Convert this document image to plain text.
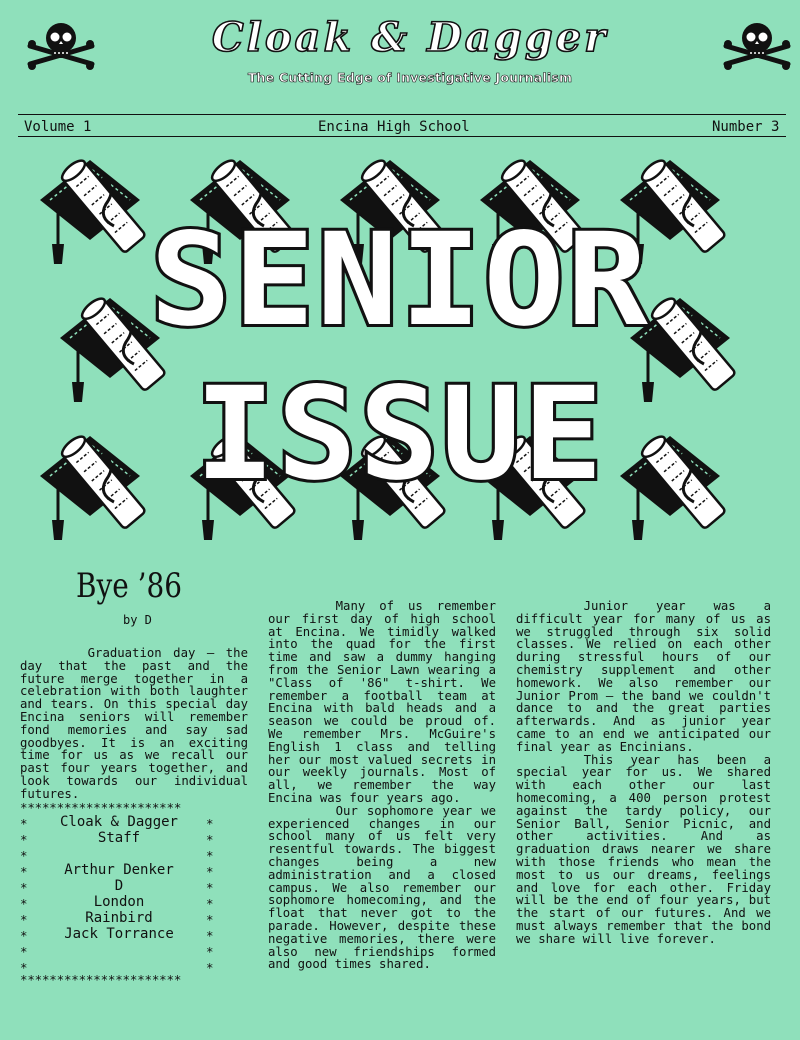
Cloak & Dagger
The Cutting Edge of Investigative Journalism
Volume 1	Encina High School	Number 3
SENIOR
ISSUE
Bye ’86
by D

Graduation day – the day that the past and the future merge together in a celebration with both laughter and tears. On this special day Encina seniors will remember fond memories and say sad goodbyes. It is an exciting time for us as we recall our past four years together, and look towards our individual futures.

**********************
*
*
*
*
*
*
*
*
*
*
*
*
*
*
*
*
*
*
*
*
Cloak & Dagger
Staff
Arthur Denker
D
London
Rainbird
Jack Torrance
**********************

Many of us remember our first day of high school at Encina. We timidly walked into the quad for the first time and saw a dummy hanging from the Senior Lawn wearing a "Class of '86" t-shirt. We remember a football team at Encina with bald heads and a season we could be proud of. We remember Mrs. McGuire's English 1 class and telling her our most valued secrets in our weekly journals. Most of all, we remember the way Encina was four years ago.

Our sophomore year we experienced changes in our school many of us felt very resentful towards. The biggest changes being a new administration and a closed campus. We also remember our sophomore homecoming, and the float that never got to the parade. However, despite these negative memories, there were also new friendships formed and good times shared.

Junior year was a difficult year for many of us as we struggled through six solid classes. We relied on each other during stressful hours of our chemistry supplement and other homework. We also remember our Junior Prom – the band we couldn't dance to and the great parties afterwards. And as junior year came to an end we anticipated our final year as Encinians.

This year has been a special year for us. We shared with each other our last homecoming, a 400 person protest against the tardy policy, our Senior Ball, Senior Picnic, and other activities. And as graduation draws nearer we share with those friends who mean the most to us our dreams, feelings and love for each other. Friday will be the end of four years, but the start of our futures. And we must always remember that the bond we share will live forever.
